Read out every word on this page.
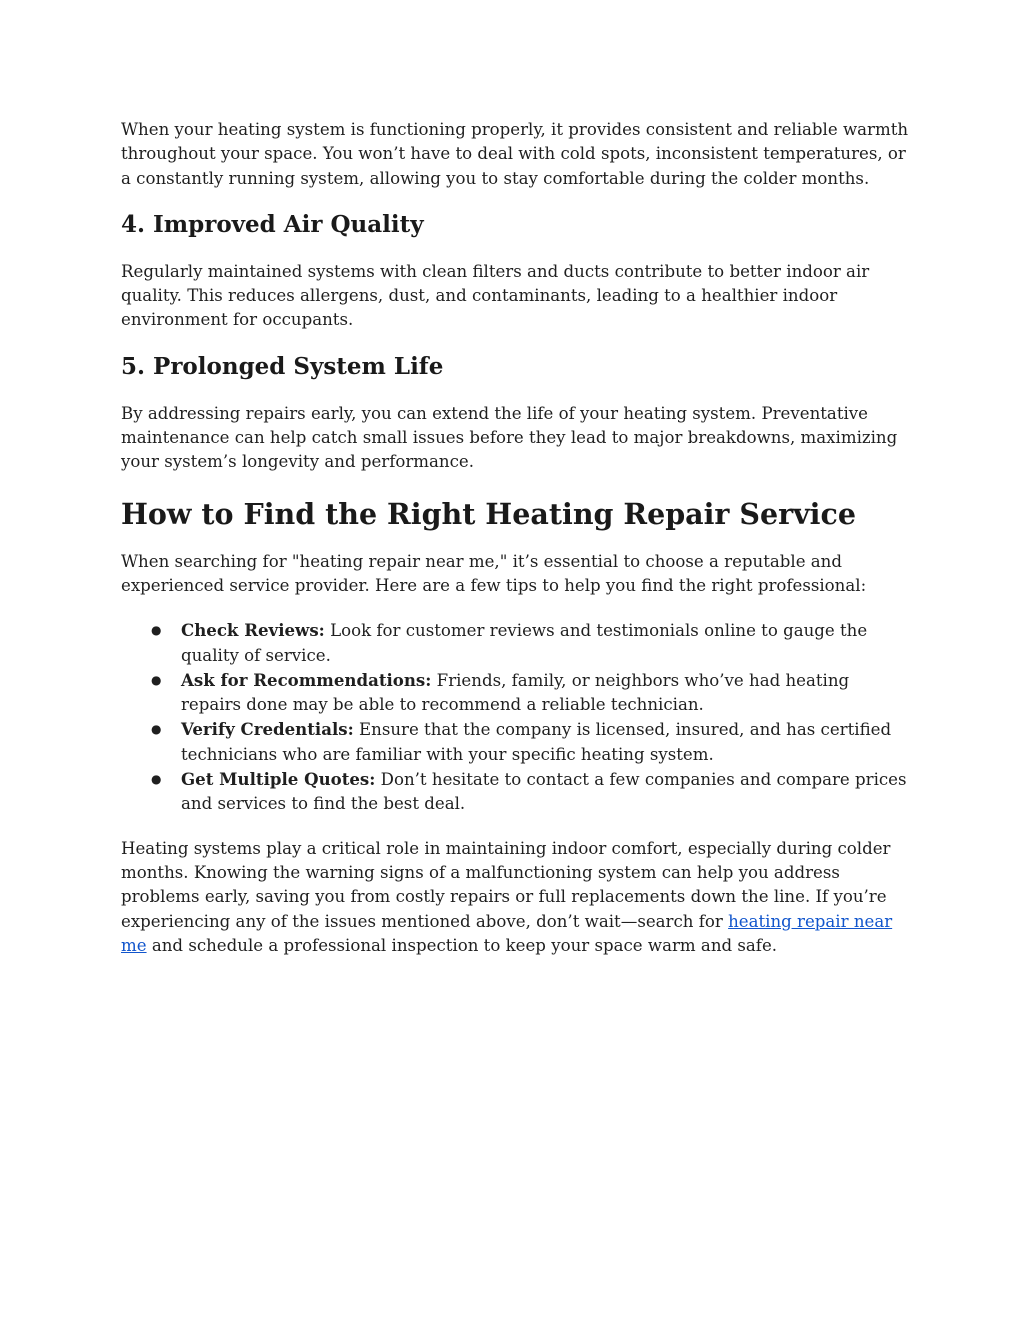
When your heating system is functioning properly, it provides consistent and reliable warmth throughout your space. You won’t have to deal with cold spots, inconsistent temperatures, or a constantly running system, allowing you to stay comfortable during the colder months.

4. Improved Air Quality

Regularly maintained systems with clean filters and ducts contribute to better indoor air quality. This reduces allergens, dust, and contaminants, leading to a healthier indoor environment for occupants.

5. Prolonged System Life

By addressing repairs early, you can extend the life of your heating system. Preventative maintenance can help catch small issues before they lead to major breakdowns, maximizing your system’s longevity and performance.

How to Find the Right Heating Repair Service

When searching for "heating repair near me," it’s essential to choose a reputable and experienced service provider. Here are a few tips to help you find the right professional:

● Check Reviews: Look for customer reviews and testimonials online to gauge the quality of service.
● Ask for Recommendations: Friends, family, or neighbors who’ve had heating repairs done may be able to recommend a reliable technician.
● Verify Credentials: Ensure that the company is licensed, insured, and has certified technicians who are familiar with your specific heating system.
● Get Multiple Quotes: Don’t hesitate to contact a few companies and compare prices and services to find the best deal.

Heating systems play a critical role in maintaining indoor comfort, especially during colder months. Knowing the warning signs of a malfunctioning system can help you address problems early, saving you from costly repairs or full replacements down the line. If you’re experiencing any of the issues mentioned above, don’t wait—search for heating repair near me and schedule a professional inspection to keep your space warm and safe.
